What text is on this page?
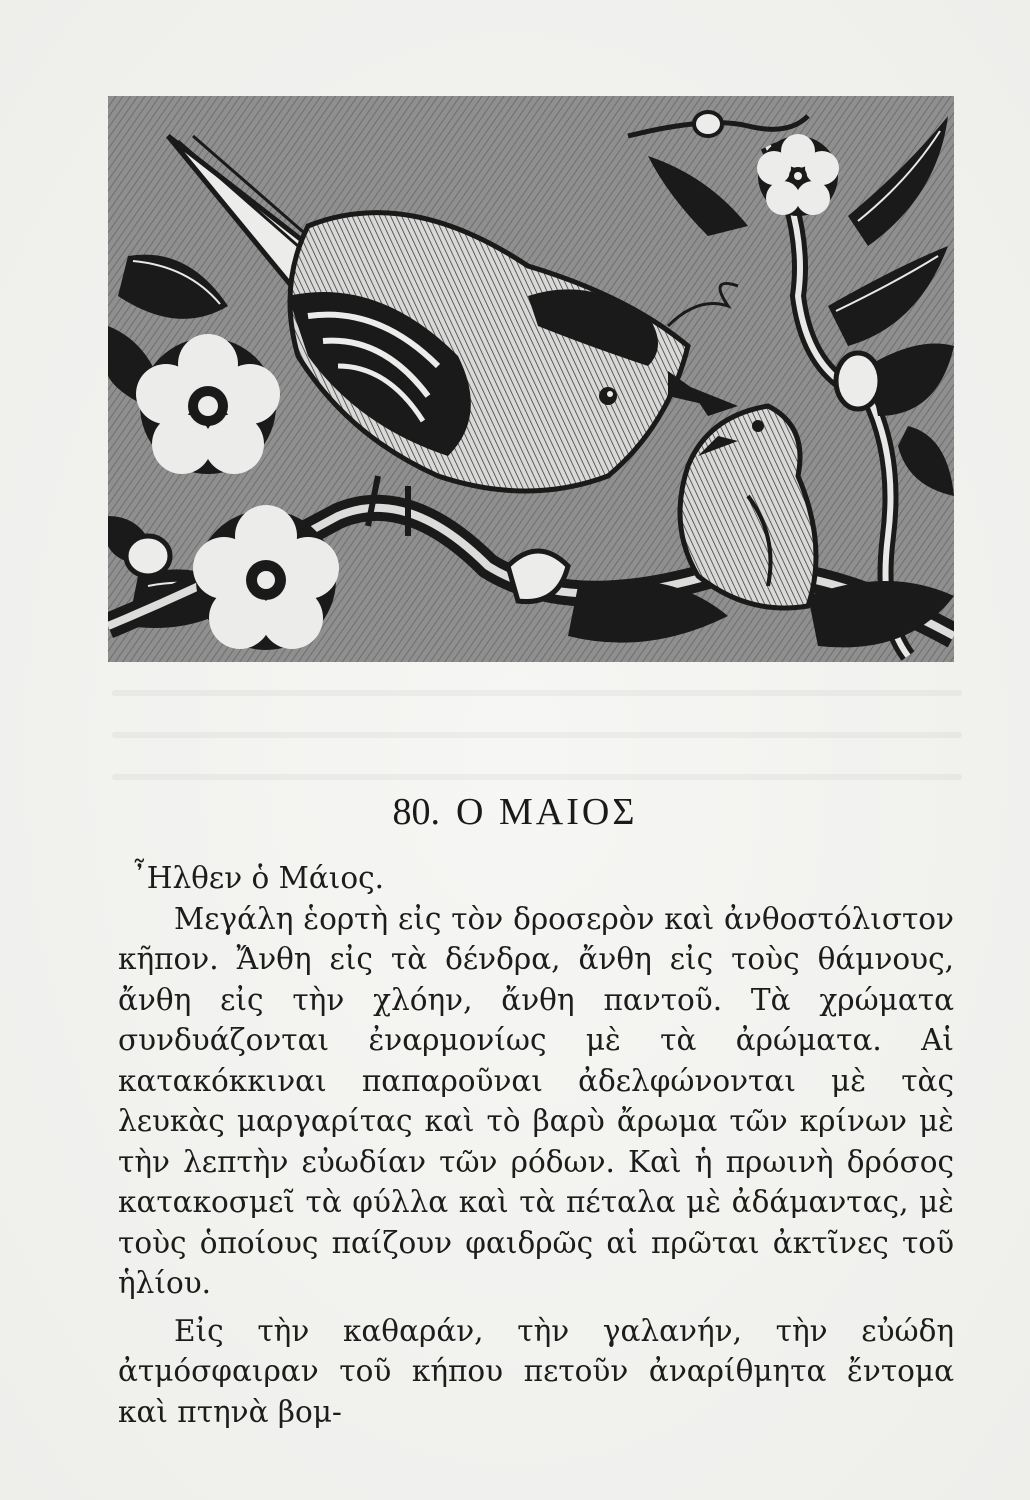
80. Ο ΜΑΙΟΣ

῏Ηλθεν ὁ Μάιος.

Μεγάλη ἑορτὴ εἰς τὸν δροσερὸν καὶ ἀνθοστόλιστον κῆπον. Ἄνθη εἰς τὰ δένδρα, ἄνθη εἰς τοὺς θάμνους, ἄνθη εἰς τὴν χλόην, ἄνθη παντοῦ. Τὰ χρώματα συνδυάζονται ἐναρμονίως μὲ τὰ ἀρώματα. Αἱ κατακόκκιναι παπαροῦναι ἀδελφώνονται μὲ τὰς λευκὰς μαργαρίτας καὶ τὸ βαρὺ ἄρωμα τῶν κρίνων μὲ τὴν λεπτὴν εὐωδίαν τῶν ρόδων. Καὶ ἡ πρωινὴ δρόσος κατακοσμεῖ τὰ φύλλα καὶ τὰ πέταλα μὲ ἀδάμαντας, μὲ τοὺς ὁποίους παίζουν φαιδρῶς αἱ πρῶται ἀκτῖνες τοῦ ἡλίου.

Εἰς τὴν καθαράν, τὴν γαλανήν, τὴν εὐώδη ἀτμόσφαιραν τοῦ κήπου πετοῦν ἀναρίθμητα ἔντομα καὶ πτηνὰ βομ-
